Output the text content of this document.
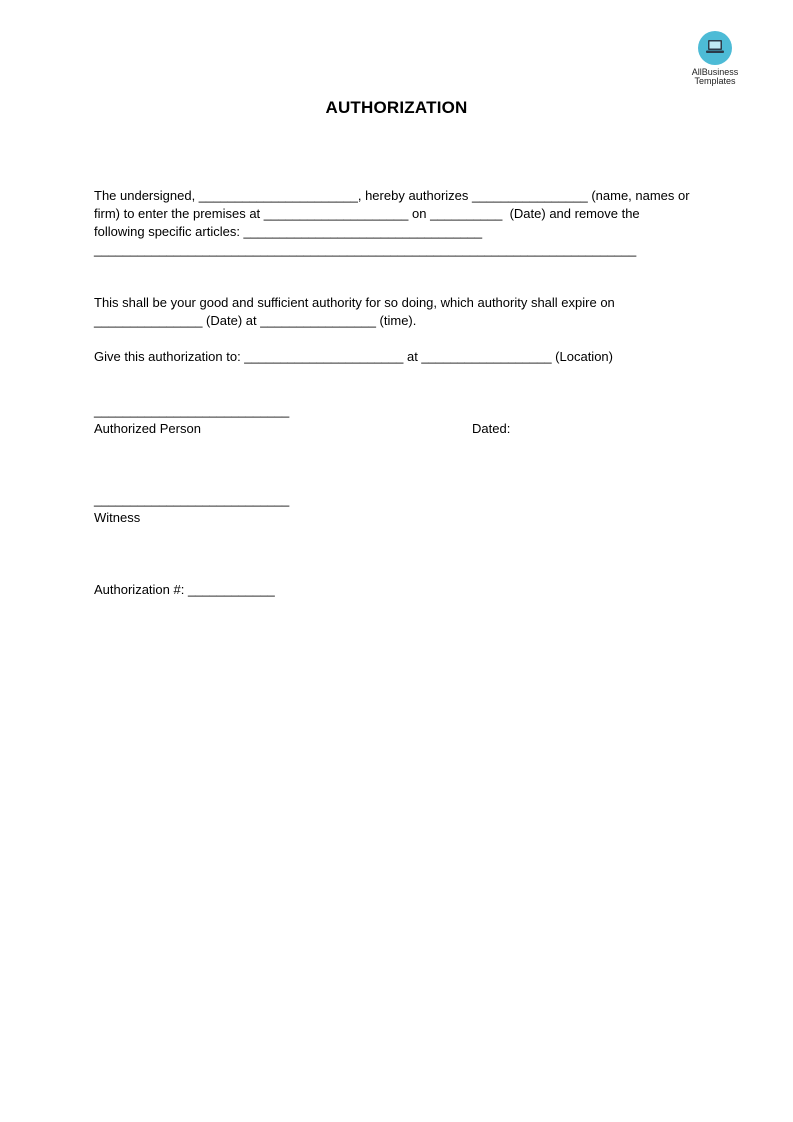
AllBusiness
Templates
AUTHORIZATION
The undersigned, ______________________, hereby authorizes ________________ (name, names or
firm) to enter the premises at ____________________ on __________  (Date) and remove the
following specific articles: _________________________________
___________________________________________________________________________
This shall be your good and sufficient authority for so doing, which authority shall expire on
_______________ (Date) at ________________ (time).
Give this authorization to: ______________________ at __________________ (Location)
___________________________
Authorized Person	Dated:
___________________________
Witness
Authorization #: ____________
